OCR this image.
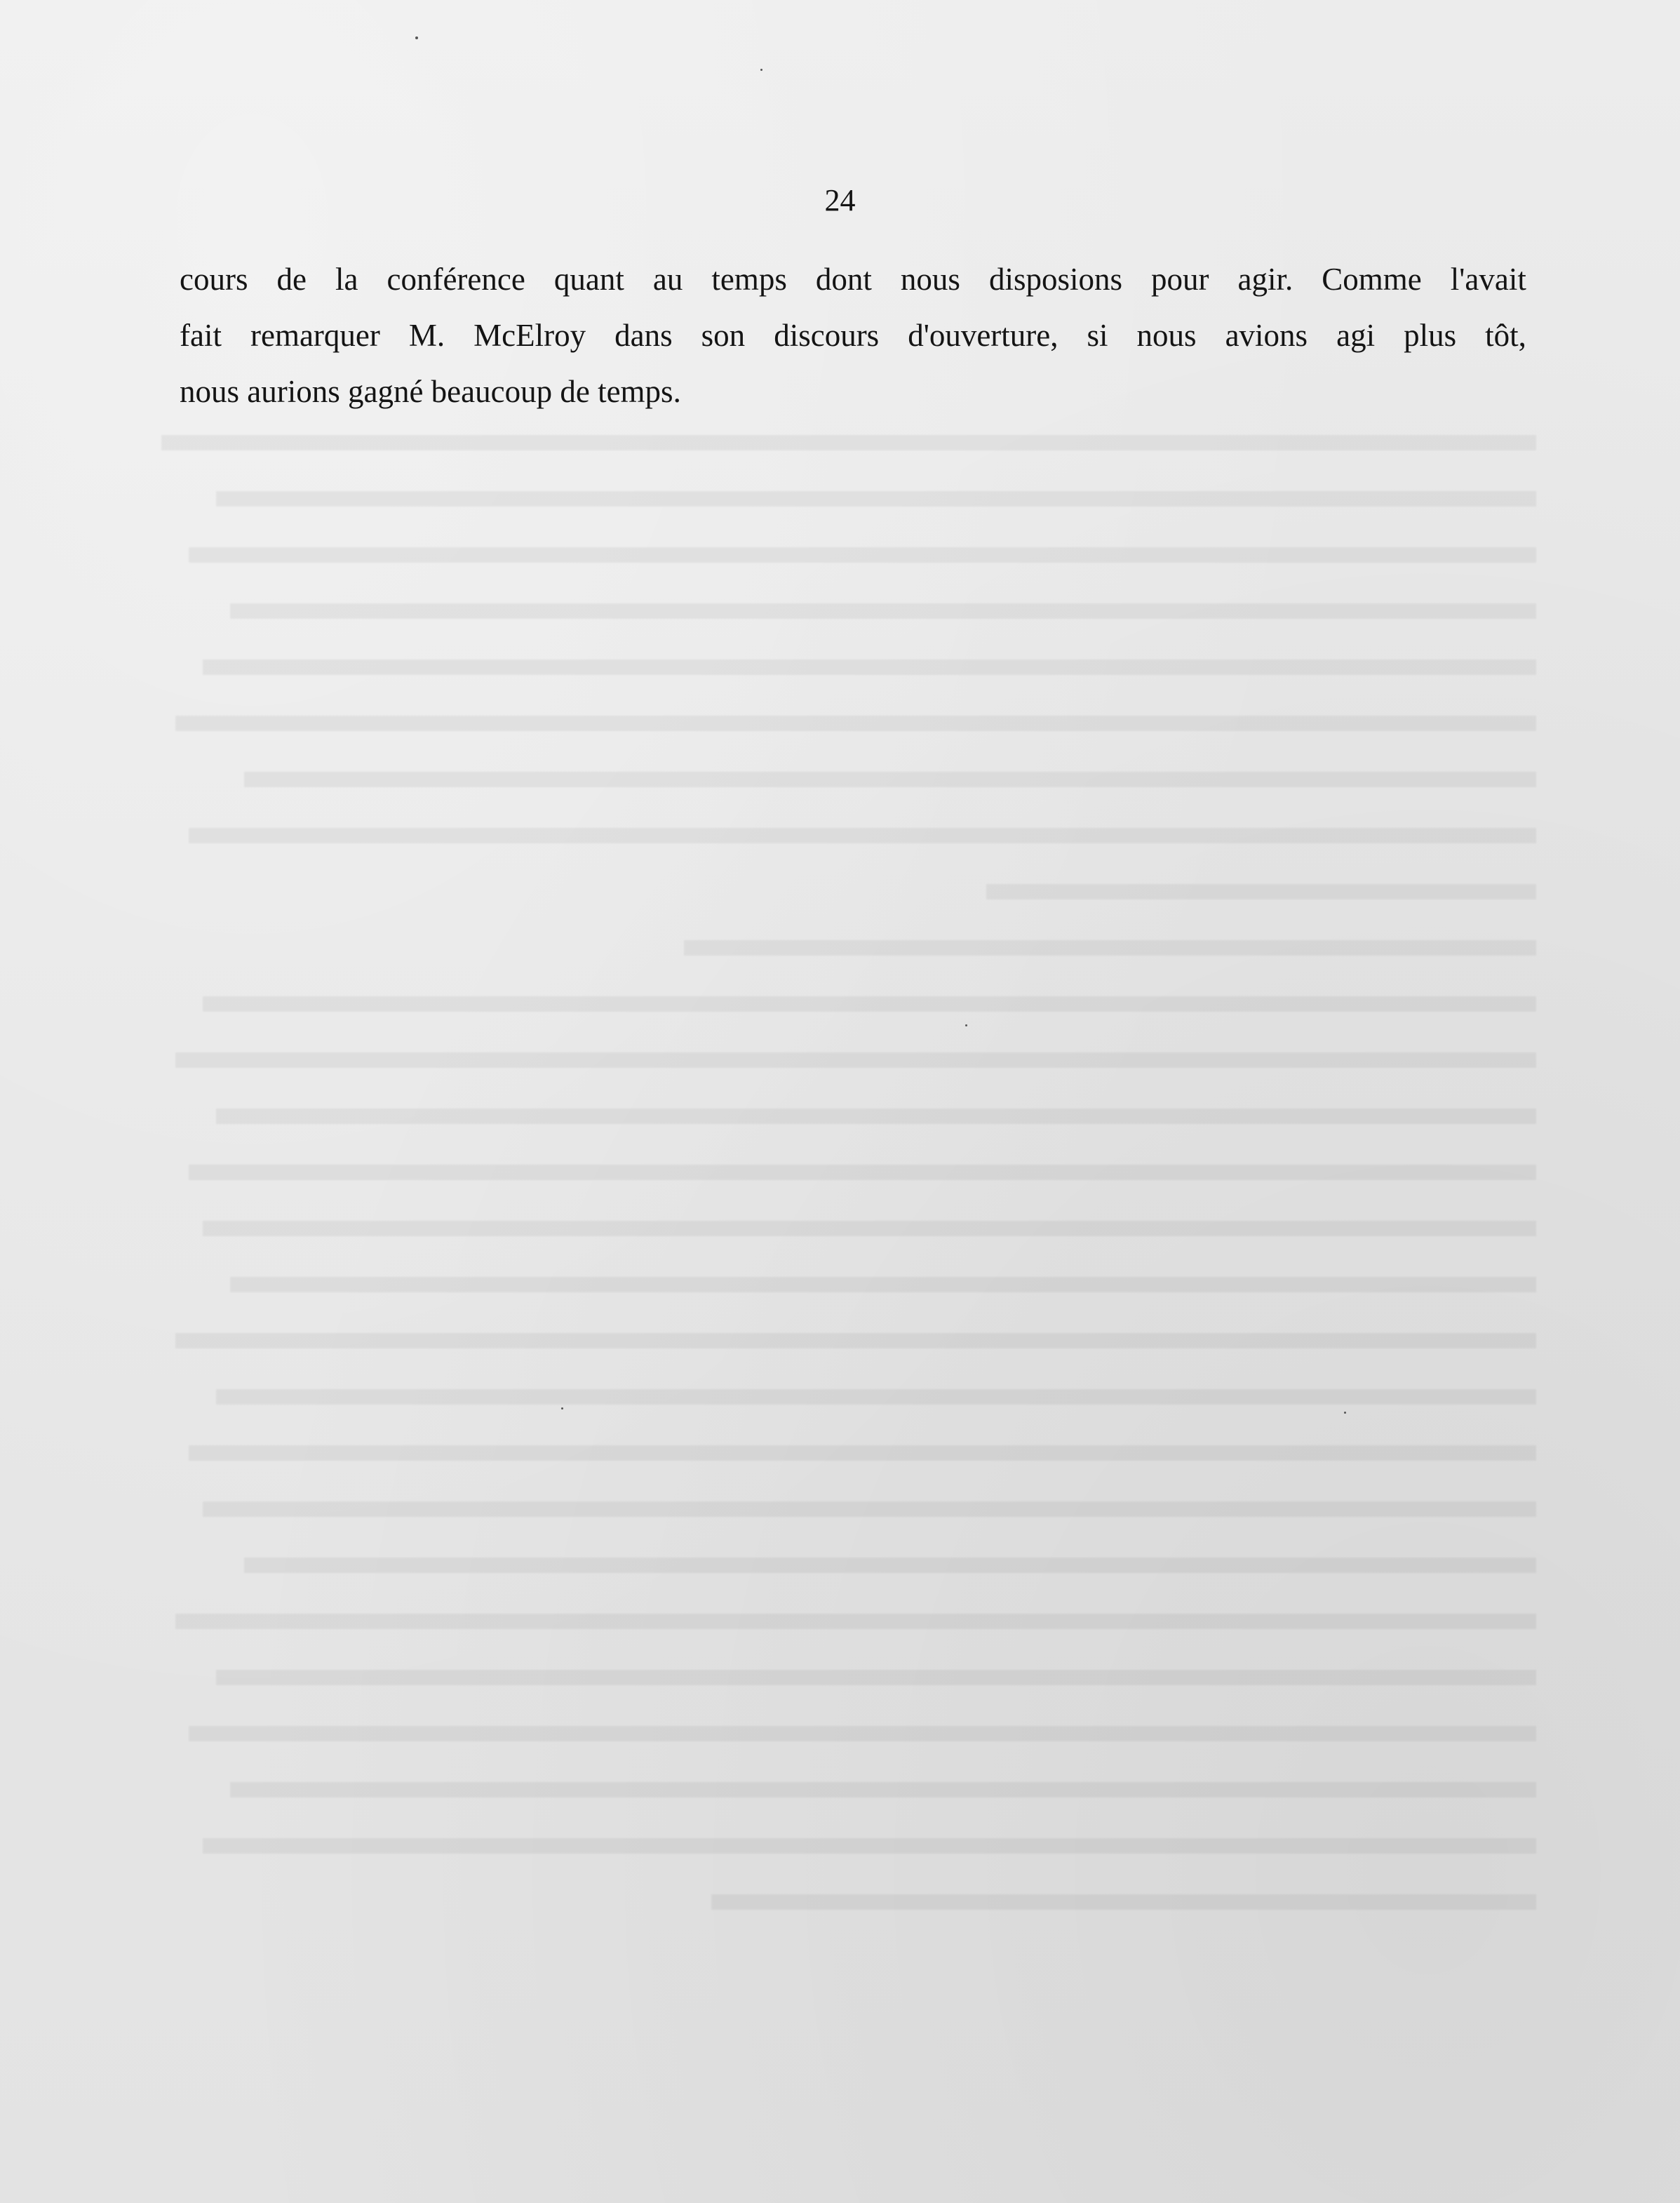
24
cours de la conférence quant au temps dont nous disposions pour agir. Comme l'avait
fait remarquer M. McElroy dans son discours d'ouverture, si nous avions agi plus tôt,
nous aurions gagné beaucoup de temps.
